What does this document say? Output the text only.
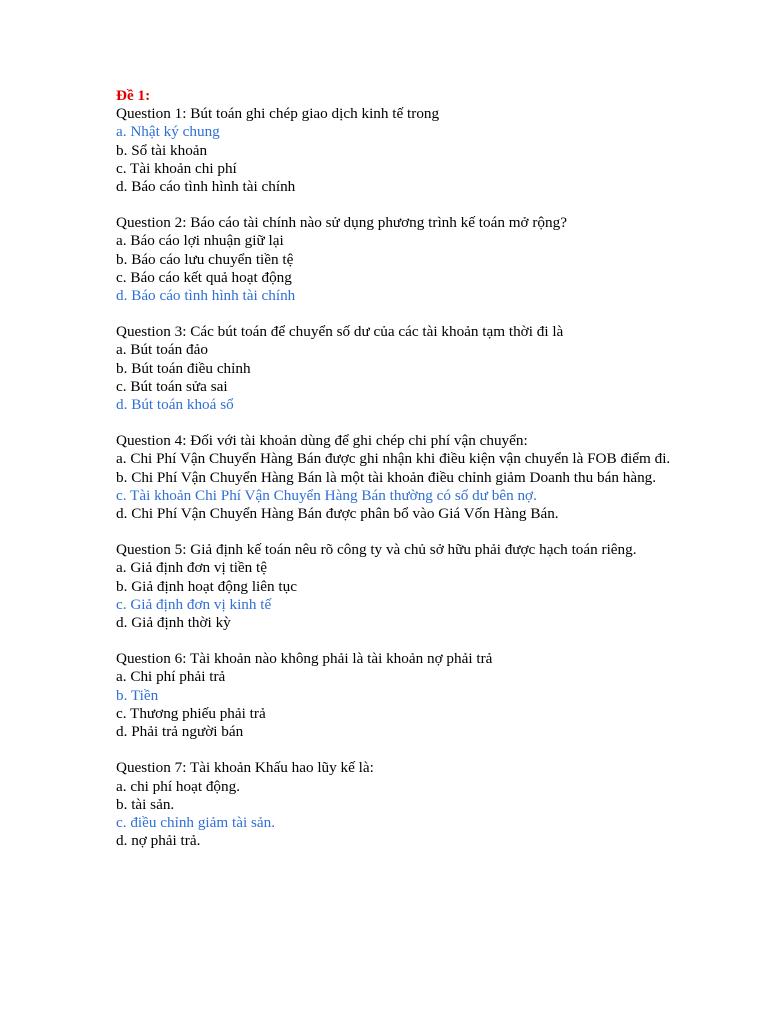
Đề 1:

Question 1: Bút toán ghi chép giao dịch kinh tế trong

a. Nhật ký chung

b. Sổ tài khoản

c. Tài khoản chi phí

d. Báo cáo tình hình tài chính

Question 2: Báo cáo tài chính nào sử dụng phương trình kế toán mở rộng?

a. Báo cáo lợi nhuận giữ lại

b. Báo cáo lưu chuyển tiền tệ

c. Báo cáo kết quả hoạt động

d. Báo cáo tình hình tài chính

Question 3: Các bút toán để chuyển số dư của các tài khoản tạm thời đi là

a. Bút toán đảo

b. Bút toán điều chỉnh

c. Bút toán sửa sai

d. Bút toán khoá sổ

Question 4: Đối với tài khoản dùng để ghi chép chi phí vận chuyển:

a. Chi Phí Vận Chuyển Hàng Bán được ghi nhận khi điều kiện vận chuyển là FOB điểm đi.

b. Chi Phí Vận Chuyển Hàng Bán là một tài khoản điều chỉnh giảm Doanh thu bán hàng.

c. Tài khoản Chi Phí Vận Chuyển Hàng Bán thường có số dư bên nợ.

d. Chi Phí Vận Chuyển Hàng Bán được phân bổ vào Giá Vốn Hàng Bán.

Question 5: Giả định kế toán nêu rõ công ty và chủ sở hữu phải được hạch toán riêng.

a. Giả định đơn vị tiền tệ

b. Giả định hoạt động liên tục

c. Giả định đơn vị kinh tế

d. Giả định thời kỳ

Question 6: Tài khoản nào không phải là tài khoản nợ phải trả

a. Chi phí phải trả

b. Tiền

c. Thương phiếu phải trả

d. Phải trả người bán

Question 7: Tài khoản Khấu hao lũy kế là:

a. chi phí hoạt động.

b. tài sản.

c. điều chỉnh giảm tài sản.

d. nợ phải trả.
